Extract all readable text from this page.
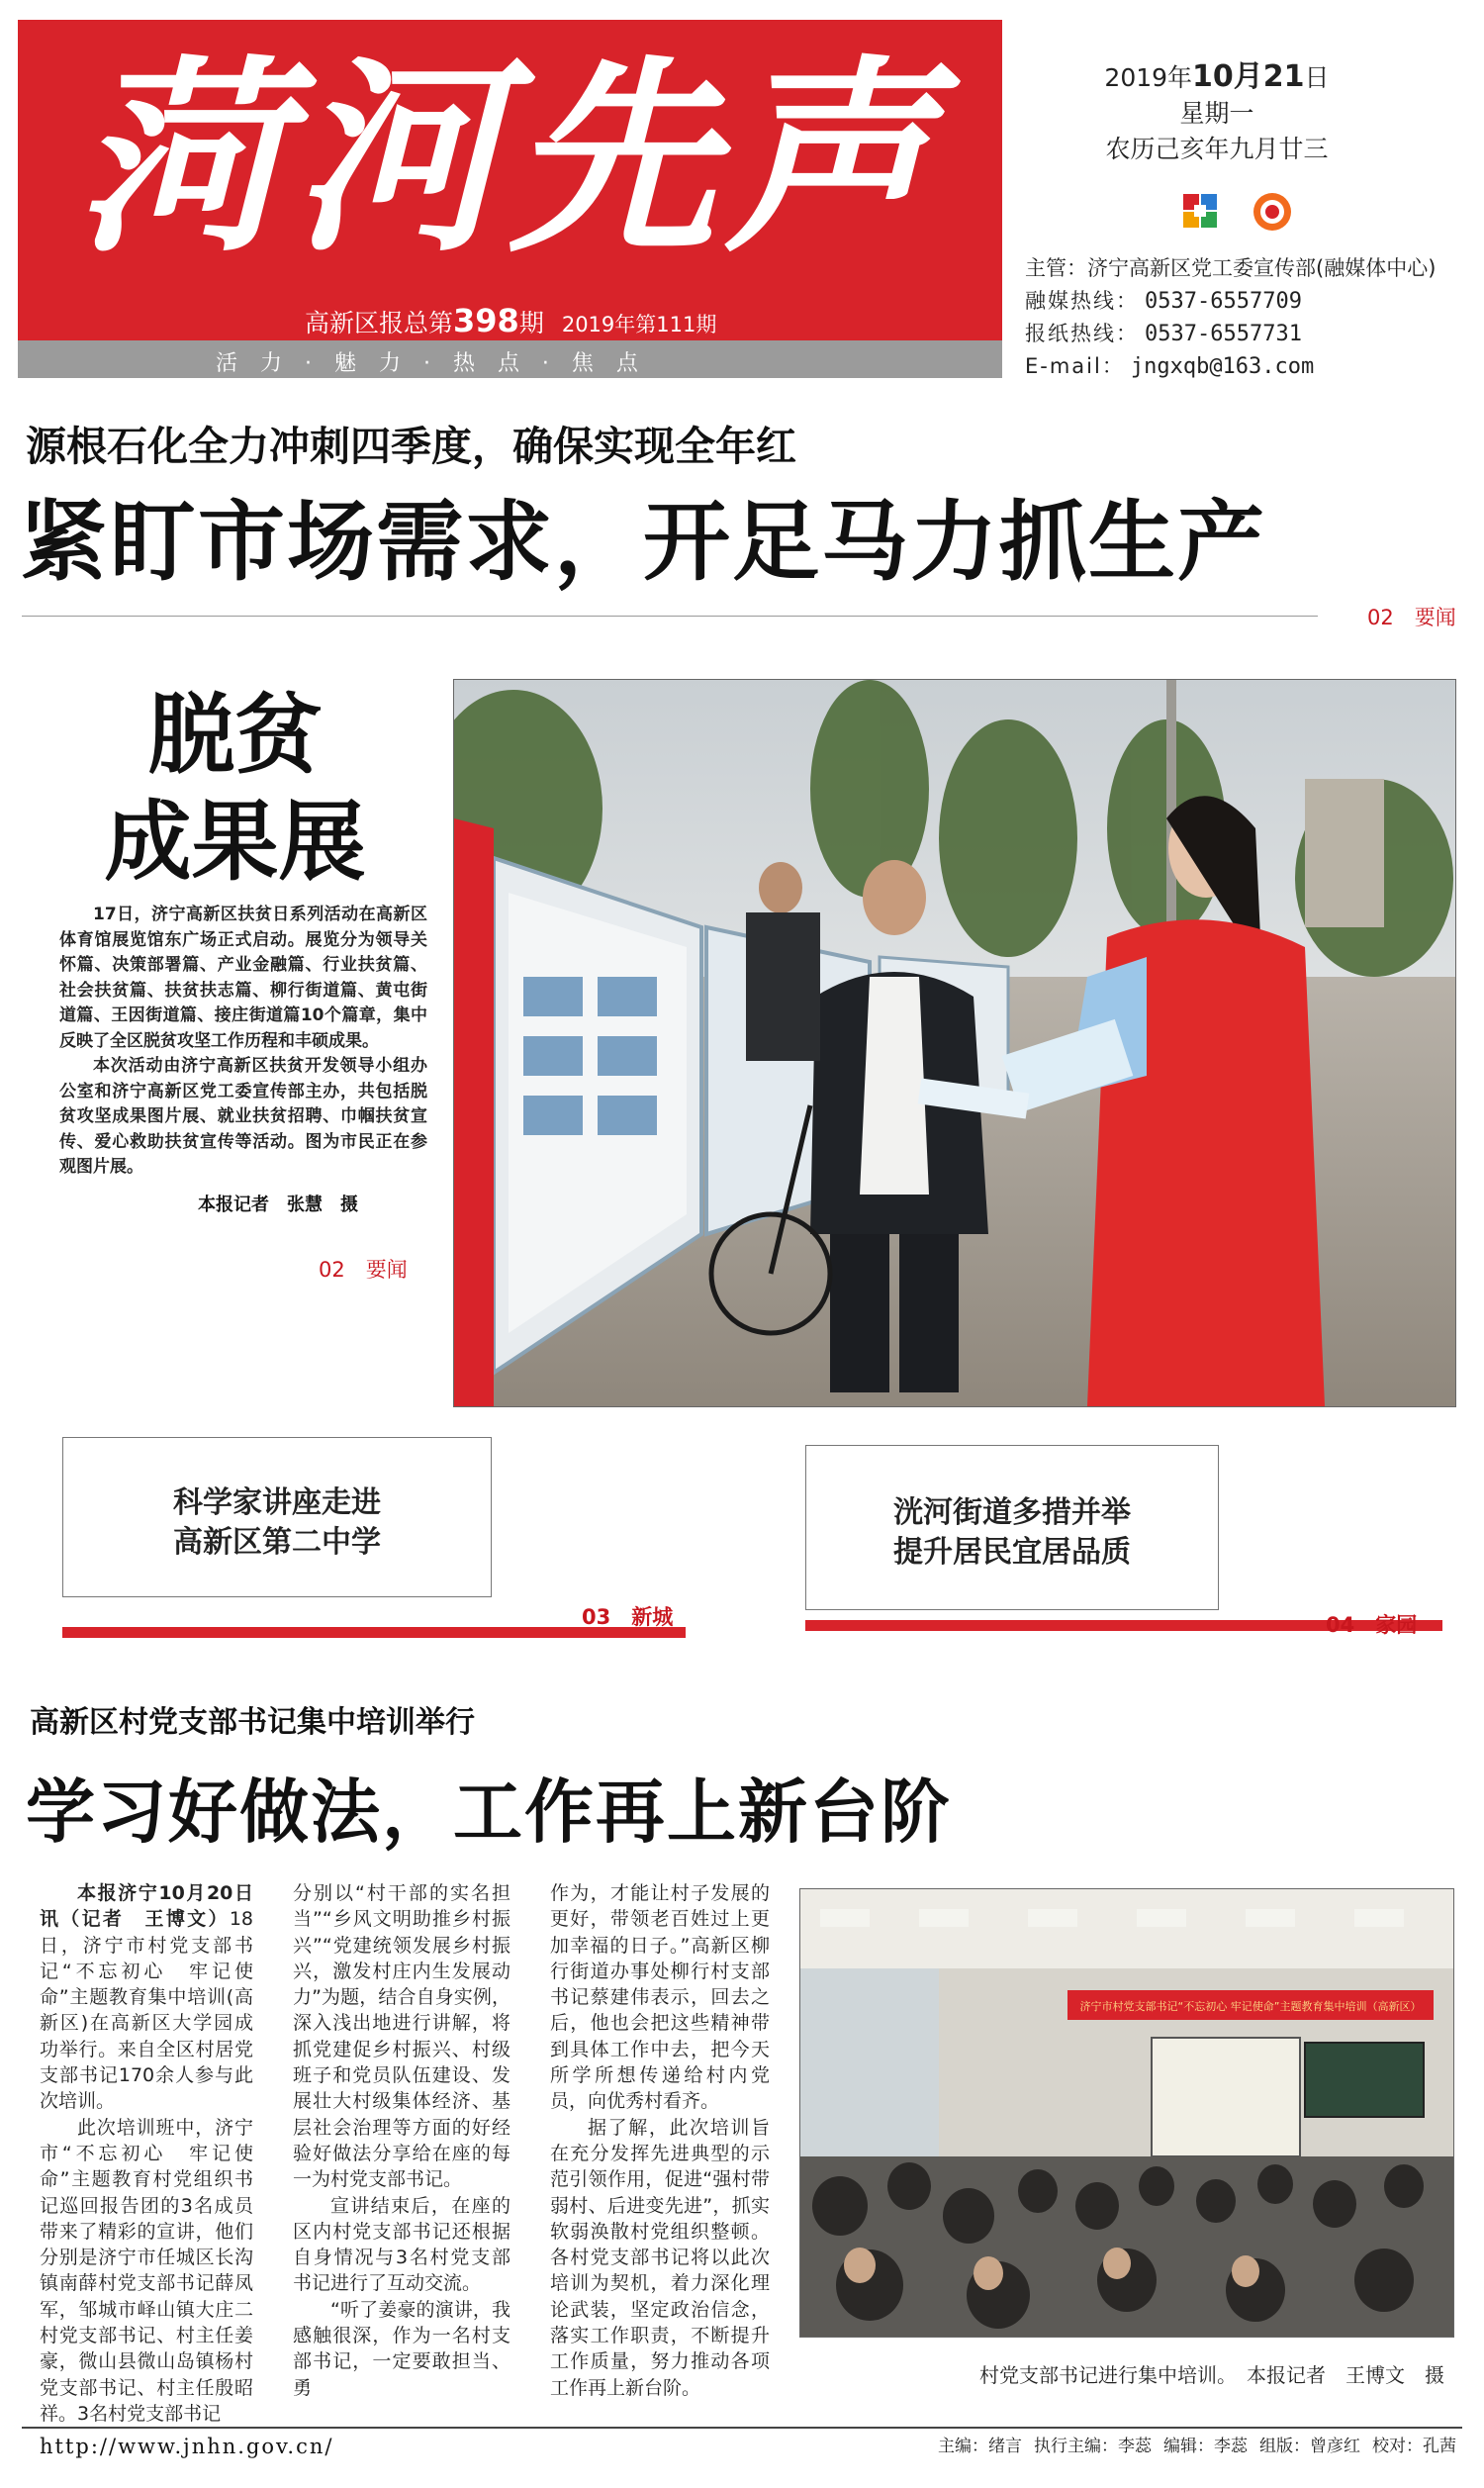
菏河先声
高新区报总第398期 2019年第111期
活 力 · 魅 力 · 热 点 · 焦 点
2019年10月21日
星期一
农历己亥年九月廿三
主管：济宁高新区党工委宣传部(融媒体中心)
融媒热线： 0537-6557709
报纸热线： 0537-6557731
E-mail： jngxqb@163.com
源根石化全力冲刺四季度，确保实现全年红
紧盯市场需求，开足马力抓生产
02　要闻
脱贫
成果展

17日，济宁高新区扶贫日系列活动在高新区体育馆展览馆东广场正式启动。展览分为领导关怀篇、决策部署篇、产业金融篇、行业扶贫篇、社会扶贫篇、扶贫扶志篇、柳行街道篇、黄屯街道篇、王因街道篇、接庄街道篇10个篇章，集中反映了全区脱贫攻坚工作历程和丰硕成果。

本次活动由济宁高新区扶贫开发领导小组办公室和济宁高新区党工委宣传部主办，共包括脱贫攻坚成果图片展、就业扶贫招聘、巾帼扶贫宣传、爱心救助扶贫宣传等活动。图为市民正在参观图片展。

本报记者　张慧　摄
02　要闻
科学家讲座走进
高新区第二中学
03　新城
洸河街道多措并举
提升居民宜居品质
04　家园
高新区村党支部书记集中培训举行
学习好做法，工作再上新台阶

本报济宁10月20日讯（记者　王博文）18日，济宁市村党支部书记“不忘初心　牢记使命”主题教育集中培训(高新区)在高新区大学园成功举行。来自全区村居党支部书记170余人参与此次培训。

此次培训班中，济宁市“不忘初心　牢记使命”主题教育村党组织书记巡回报告团的3名成员带来了精彩的宣讲，他们分别是济宁市任城区长沟镇南薛村党支部书记薛凤军，邹城市峄山镇大庄二村党支部书记、村主任姜豪，微山县微山岛镇杨村党支部书记、村主任殷昭祥。3名村党支部书记

分别以“村干部的实名担当”“乡风文明助推乡村振兴”“党建统领发展乡村振兴，激发村庄内生发展动力”为题，结合自身实例，深入浅出地进行讲解，将抓党建促乡村振兴、村级班子和党员队伍建设、发展壮大村级集体经济、基层社会治理等方面的好经验好做法分享给在座的每一为村党支部书记。

宣讲结束后，在座的区内村党支部书记还根据自身情况与3名村党支部书记进行了互动交流。

“听了姜豪的演讲，我感触很深，作为一名村支部书记，一定要敢担当、勇

作为，才能让村子发展的更好，带领老百姓过上更加幸福的日子。”高新区柳行街道办事处柳行村支部书记蔡建伟表示，回去之后，他也会把这些精神带到具体工作中去，把今天所学所想传递给村内党员，向优秀村看齐。

据了解，此次培训旨在充分发挥先进典型的示范引领作用，促进“强村带弱村、后进变先进”，抓实软弱涣散村党组织整顿。各村党支部书记将以此次培训为契机，着力深化理论武装，坚定政治信念，落实工作职责，不断提升工作质量，努力推动各项工作再上新台阶。

济宁市村党支部书记“不忘初心 牢记使命”主题教育集中培训（高新区）
村党支部书记进行集中培训。　本报记者　王博文　摄
http://www.jnhn.gov.cn/	主编：绪言 执行主编：李蕊 编辑：李蕊 组版：曾彦红 校对：孔茜
